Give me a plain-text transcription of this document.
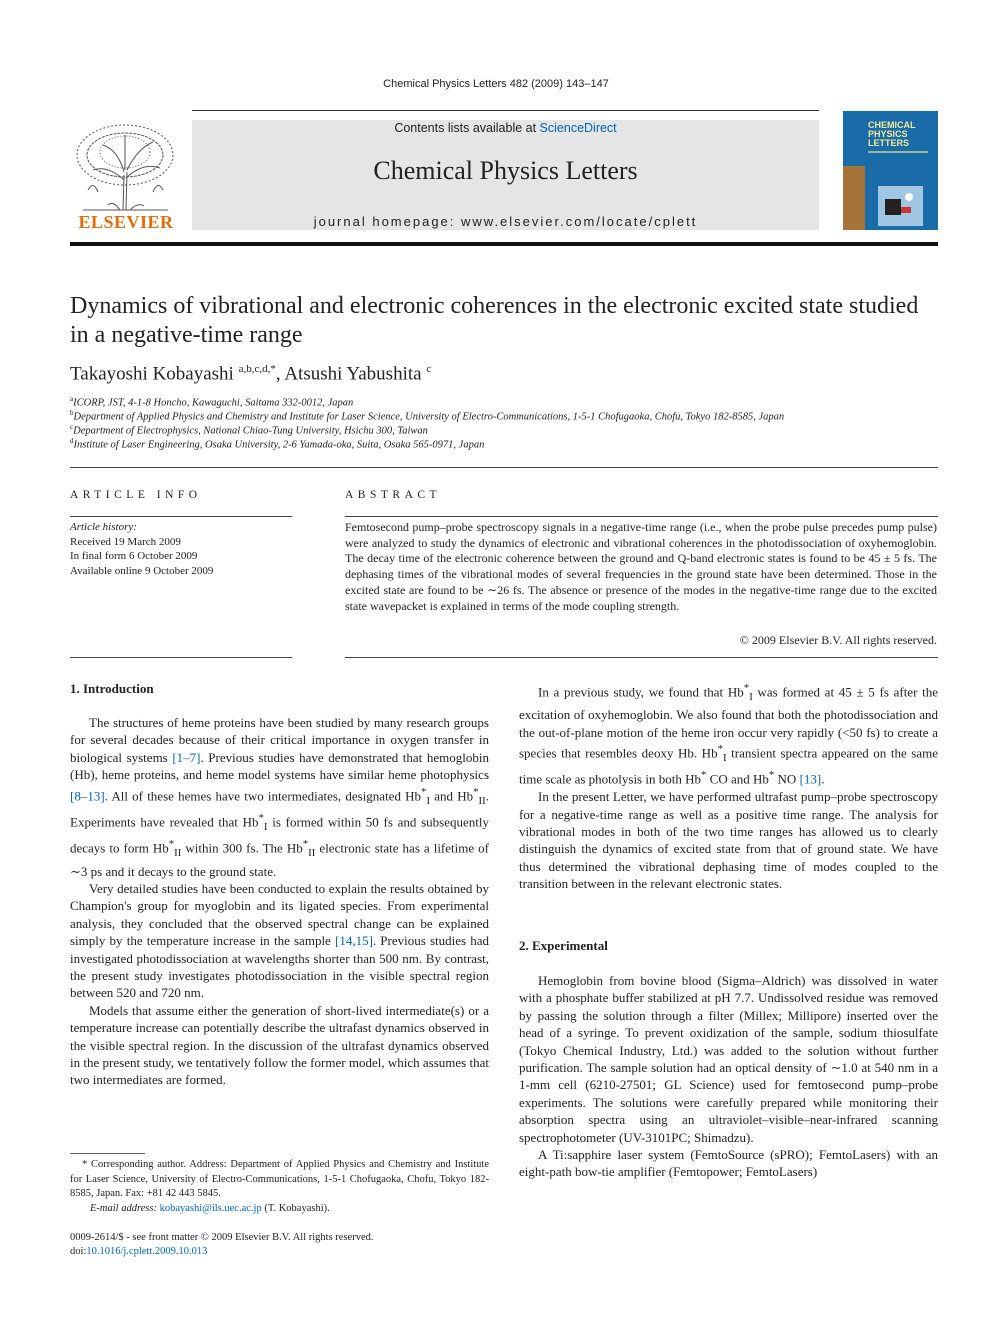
Chemical Physics Letters 482 (2009) 143–147
ELSEVIER
Contents lists available at ScienceDirect
Chemical Physics Letters
journal homepage: www.elsevier.com/locate/cplett
CHEMICAL
PHYSICS
LETTERS
Dynamics of vibrational and electronic coherences in the electronic excited state studied in a negative-time range
Takayoshi Kobayashi $^{a,b,c,d,*}$, Atsushi Yabushita $^c$
$^a$ICORP, JST, 4-1-8 Honcho, Kawaguchi, Saitama 332-0012, Japan
$^b$Department of Applied Physics and Chemistry and Institute for Laser Science, University of Electro-Communications, 1-5-1 Chofugaoka, Chofu, Tokyo 182-8585, Japan
$^c$Department of Electrophysics, National Chiao-Tung University, Hsichu 300, Taiwan
$^d$Institute of Laser Engineering, Osaka University, 2-6 Yamada-oka, Suita, Osaka 565-0971, Japan
ARTICLE INFO
Article history:
Received 19 March 2009
In final form 6 October 2009
Available online 9 October 2009
ABSTRACT
Femtosecond pump–probe spectroscopy signals in a negative-time range (i.e., when the probe pulse precedes pump pulse) were analyzed to study the dynamics of electronic and vibrational coherences in the photodissociation of oxyhemoglobin. The decay time of the electronic coherence between the ground and Q-band electronic states is found to be 45 ± 5 fs. The dephasing times of the vibrational modes of several frequencies in the ground state have been determined. Those in the excited state are found to be ∼26 fs. The absence or presence of the modes in the negative-time range due to the excited state wavepacket is explained in terms of the mode coupling strength.
© 2009 Elsevier B.V. All rights reserved.
1. Introduction

The structures of heme proteins have been studied by many research groups for several decades because of their critical importance in oxygen transfer in biological systems [1–7]. Previous studies have demonstrated that hemoglobin (Hb), heme proteins, and heme model systems have similar heme photophysics [8–13]. All of these hemes have two intermediates, designated $Hb^*_I$ and $Hb^*_{II}$. Experiments have revealed that $Hb^*_I$ is formed within 50 fs and subsequently decays to form $Hb^*_{II}$ within 300 fs. The $Hb^*_{II}$ electronic state has a lifetime of ∼3 ps and it decays to the ground state.

Very detailed studies have been conducted to explain the results obtained by Champion's group for myoglobin and its ligated species. From experimental analysis, they concluded that the observed spectral change can be explained simply by the temperature increase in the sample [14,15]. Previous studies had investigated photodissociation at wavelengths shorter than 500 nm. By contrast, the present study investigates photodissociation in the visible spectral region between 520 and 720 nm.

Models that assume either the generation of short-lived intermediate(s) or a temperature increase can potentially describe the ultrafast dynamics observed in the visible spectral region. In the discussion of the ultrafast dynamics observed in the present study, we tentatively follow the former model, which assumes that two intermediates are formed.

* Corresponding author. Address: Department of Applied Physics and Chemistry and Institute for Laser Science, University of Electro-Communications, 1-5-1 Chofugaoka, Chofu, Tokyo 182-8585, Japan. Fax: +81 42 443 5845.
E-mail address: kobayashi@ils.uec.ac.jp (T. Kobayashi).
0009-2614/$ - see front matter © 2009 Elsevier B.V. All rights reserved.
doi:10.1016/j.cplett.2009.10.013

In a previous study, we found that $Hb^*_I$ was formed at 45 ± 5 fs after the excitation of oxyhemoglobin. We also found that both the photodissociation and the out-of-plane motion of the heme iron occur very rapidly (<50 fs) to create a species that resembles deoxy Hb. $Hb^*_I$ transient spectra appeared on the same time scale as photolysis in both Hb* CO and Hb* NO [13].

In the present Letter, we have performed ultrafast pump–probe spectroscopy for a negative-time range as well as a positive time range. The analysis for vibrational modes in both of the two time ranges has allowed us to clearly distinguish the dynamics of excited state from that of ground state. We have thus determined the vibrational dephasing time of modes coupled to the transition between in the relevant electronic states.

2. Experimental

Hemoglobin from bovine blood (Sigma–Aldrich) was dissolved in water with a phosphate buffer stabilized at pH 7.7. Undissolved residue was removed by passing the solution through a filter (Millex; Millipore) inserted over the head of a syringe. To prevent oxidization of the sample, sodium thiosulfate (Tokyo Chemical Industry, Ltd.) was added to the solution without further purification. The sample solution had an optical density of ∼1.0 at 540 nm in a 1-mm cell (6210-27501; GL Science) used for femtosecond pump–probe experiments. The solutions were carefully prepared while monitoring their absorption spectra using an ultraviolet–visible–near-infrared scanning spectrophotometer (UV-3101PC; Shimadzu).

A Ti:sapphire laser system (FemtoSource (sPRO); FemtoLasers) with an eight-path bow-tie amplifier (Femtopower; FemtoLasers)
